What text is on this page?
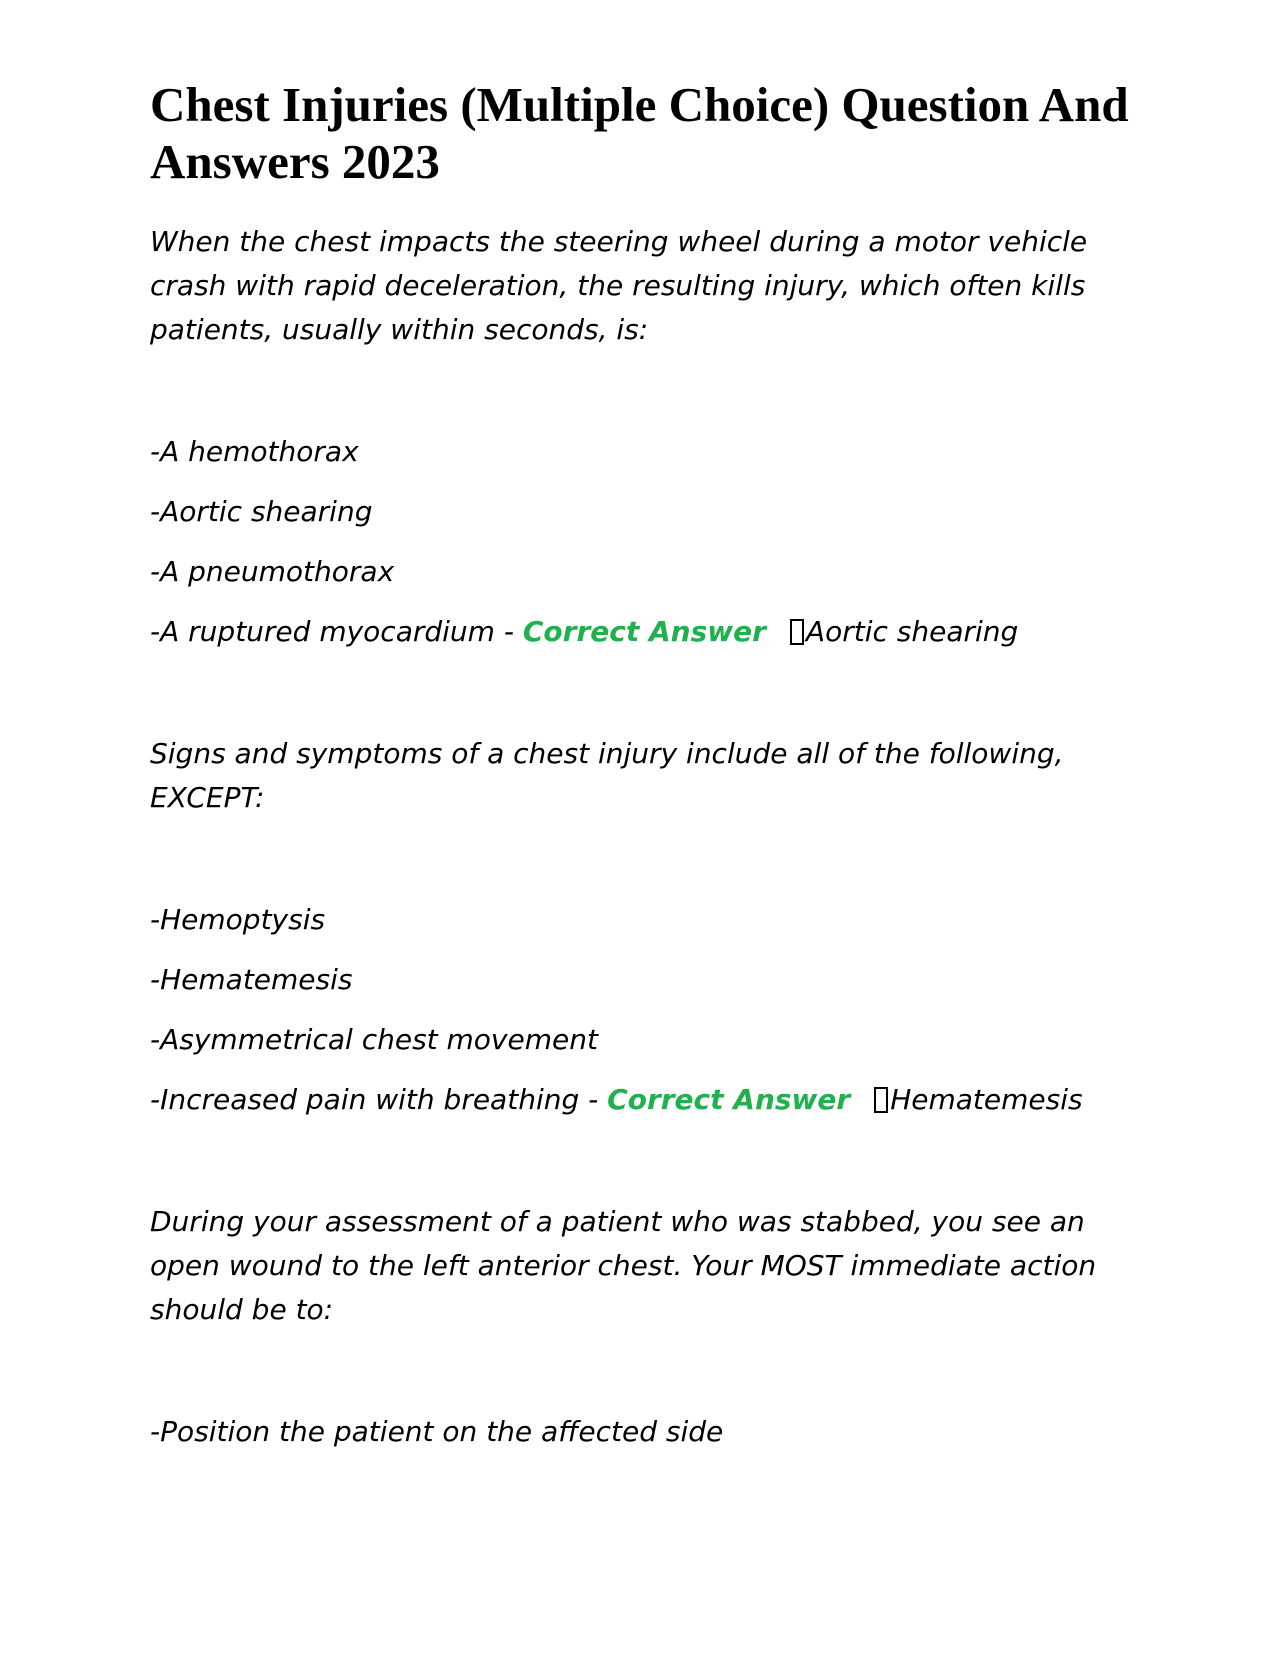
Chest Injuries (Multiple Choice) Question And Answers 2023

When the chest impacts the steering wheel during a motor vehicle crash with rapid deceleration, the resulting injury, which often kills patients, usually within seconds, is:

-A hemothorax

-Aortic shearing

-A pneumothorax

-A ruptured myocardium - Correct Answer Aortic shearing

Signs and symptoms of a chest injury include all of the following, EXCEPT:

-Hemoptysis

-Hematemesis

-Asymmetrical chest movement

-Increased pain with breathing - Correct Answer Hematemesis

During your assessment of a patient who was stabbed, you see an open wound to the left anterior chest. Your MOST immediate action should be to:

-Position the patient on the affected side
